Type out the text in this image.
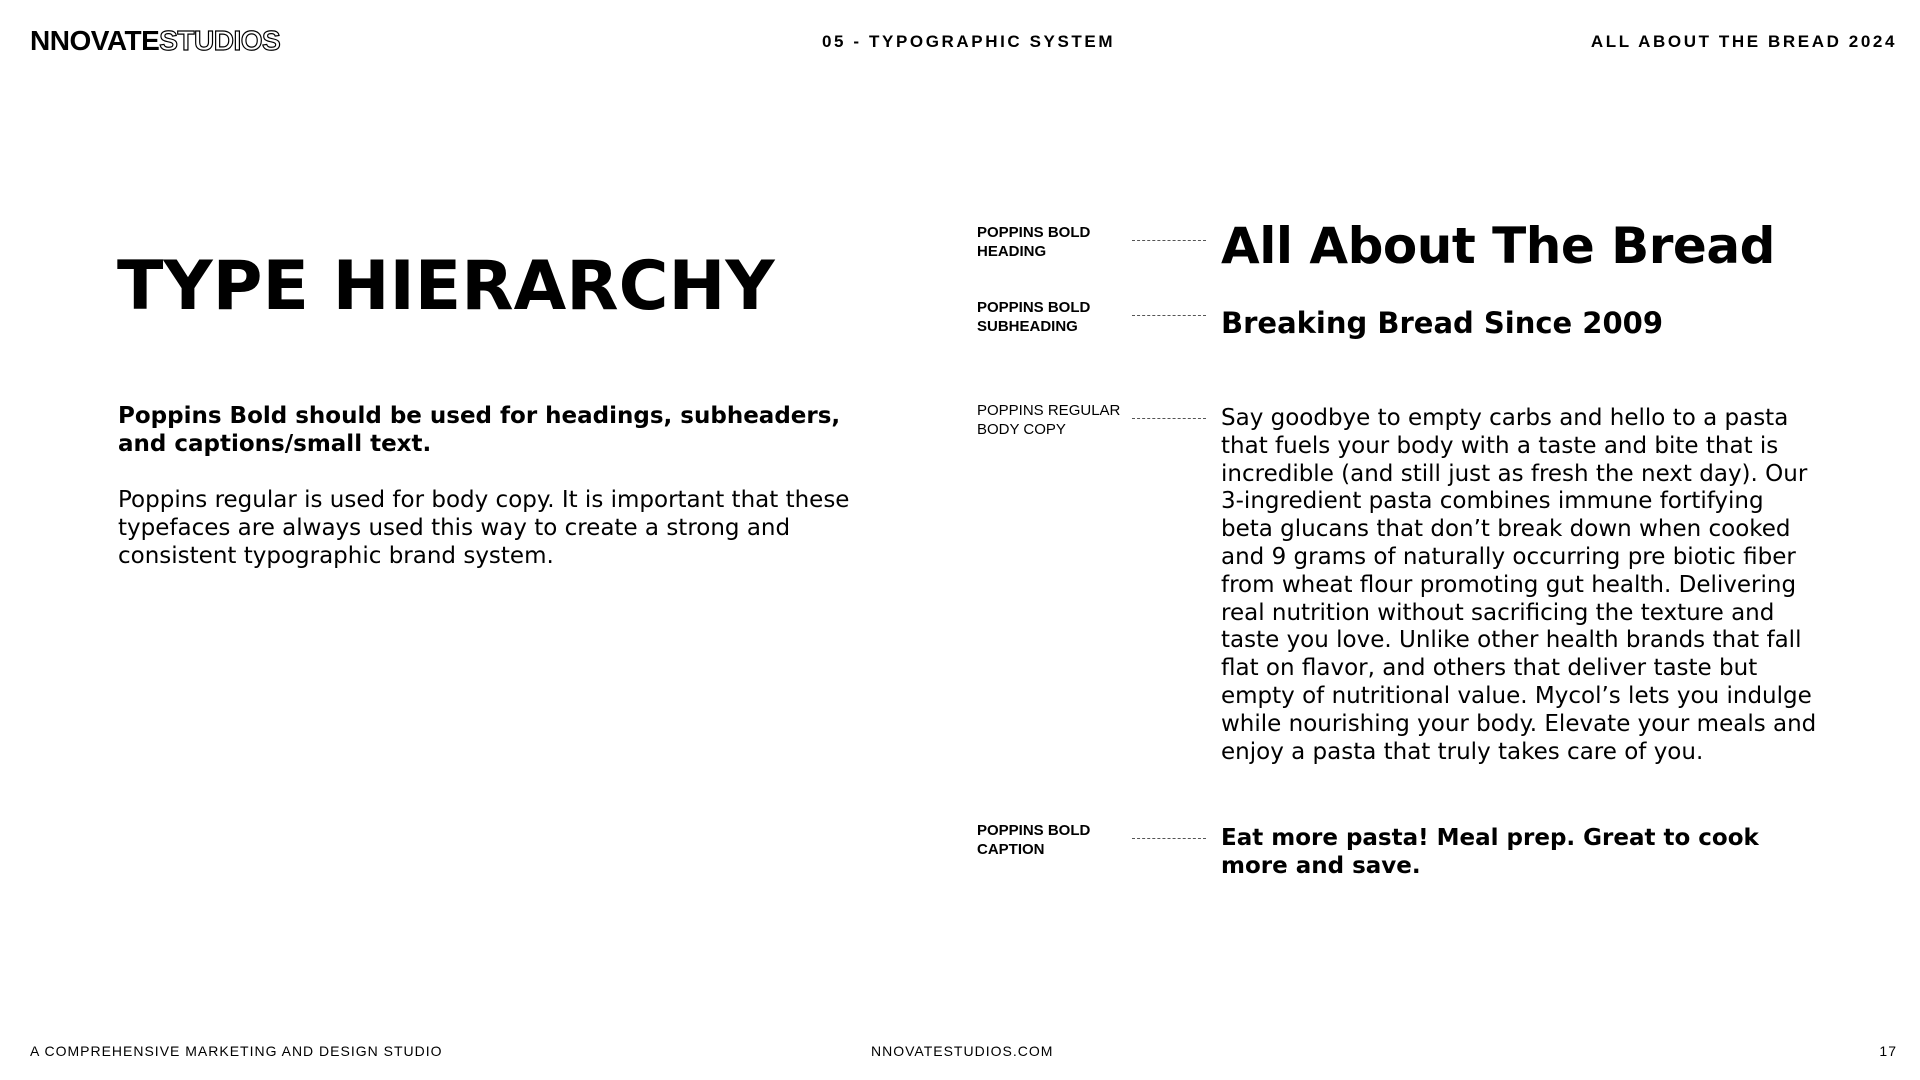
NNOVATESTUDIOS	05 - TYPOGRAPHIC SYSTEM	ALL ABOUT THE BREAD 2024
TYPE HIERARCHY
Poppins Bold should be used for headings, subheaders, and captions/small text.
Poppins regular is used for body copy. It is important that these typefaces are always used this way to create a strong and consistent typographic brand system.
POPPINS BOLD
HEADING	All About The Bread
POPPINS BOLD
SUBHEADING	Breaking Bread Since 2009
POPPINS REGULAR
BODY COPY	Say goodbye to empty carbs and hello to a pasta that fuels your body with a taste and bite that is incredible (and still just as fresh the next day). Our 3-ingredient pasta combines immune fortifying beta glucans that don’t break down when cooked and 9 grams of naturally occurring pre biotic fiber from wheat flour promoting gut health. Delivering real nutrition without sacrificing the texture and taste you love. Unlike other health brands that fall flat on flavor, and others that deliver taste but empty of nutritional value. Mycol’s lets you indulge while nourishing your body. Elevate your meals and enjoy a pasta that truly takes care of you.
POPPINS BOLD
CAPTION	Eat more pasta! Meal prep. Great to cook more and save.
A COMPREHENSIVE MARKETING AND DESIGN STUDIO	NNOVATESTUDIOS.COM	17
